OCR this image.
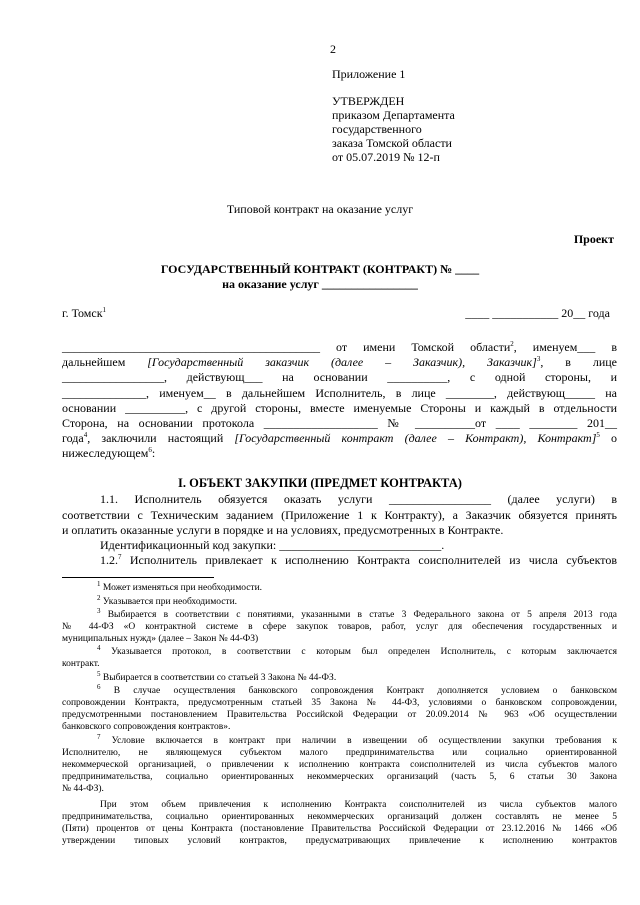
2
Приложение 1
УТВЕРЖДЕН
приказом Департамента
государственного
заказа Томской области
от 05.07.2019 № 12-п
Типовой контракт на оказание услуг
Проект
ГОСУДАРСТВЕННЫЙ КОНТРАКТ (КОНТРАКТ) № ____
на оказание услуг ________________
г. Томск$^1$	____ ___________ 20__ года
___________________________________________ от имени Томской области$^2$, именуем___ в
дальнейшем [Государственный заказчик (далее – Заказчик), Заказчик]$^3$, в лице
_________________, действующ___ на основании __________, с одной стороны, и
______________, именуем__ в дальнейшем Исполнитель, в лице ________, действующ_____ на
основании __________, с другой стороны, вместе именуемые Стороны и каждый в отдельности
Сторона, на основании протокола ___________________ № __________от ____ ________ 201__
года$^4$, заключили настоящий [Государственный контракт (далее – Контракт), Контракт]$^5$ о
нижеследующем$^6$:
I. ОБЪЕКТ ЗАКУПКИ (ПРЕДМЕТ КОНТРАКТА)
1.1. Исполнитель обязуется оказать услуги _________________ (далее услуги) в
соответствии с Техническим заданием (Приложение 1 к Контракту), а Заказчик обязуется принять
и оплатить оказанные услуги в порядке и на условиях, предусмотренных в Контракте.
Идентификационный код закупки: ___________________________.
1.2.$^7$ Исполнитель привлекает к исполнению Контракта соисполнителей из числа субъектов
$^1$ Может изменяться при необходимости.
$^2$ Указывается при необходимости.
$^3$ Выбирается в соответствии с понятиями, указанными в статье 3 Федерального закона от 5 апреля 2013 года
№ 44-ФЗ «О контрактной системе в сфере закупок товаров, работ, услуг для обеспечения государственных и
муниципальных нужд» (далее – Закон № 44-ФЗ)
$^4$ Указывается протокол, в соответствии с которым был определен Исполнитель, с которым заключается
контракт.
$^5$ Выбирается в соответствии со статьей 3 Закона № 44-ФЗ.
$^6$ В случае осуществления банковского сопровождения Контракт дополняется условием о банковском
сопровождении Контракта, предусмотренным статьей 35 Закона № 44-ФЗ, условиями о банковском сопровождении,
предусмотренными постановлением Правительства Российской Федерации от 20.09.2014 № 963 «Об осуществлении
банковского сопровождения контрактов».
$^7$ Условие включается в контракт при наличии в извещении об осуществлении закупки требования к
Исполнителю, не являющемуся субъектом малого предпринимательства или социально ориентированной
некоммерческой организацией, о привлечении к исполнению контракта соисполнителей из числа субъектов малого
предпринимательства, социально ориентированных некоммерческих организаций (часть 5, 6 статьи 30 Закона
№ 44-ФЗ).
При этом объем привлечения к исполнению Контракта соисполнителей из числа субъектов малого
предпринимательства, социально ориентированных некоммерческих организаций должен составлять не менее 5
(Пяти) процентов от цены Контракта (постановление Правительства Российской Федерации от 23.12.2016 № 1466 «Об
утверждении типовых условий контрактов, предусматривающих привлечение к исполнению контрактов
